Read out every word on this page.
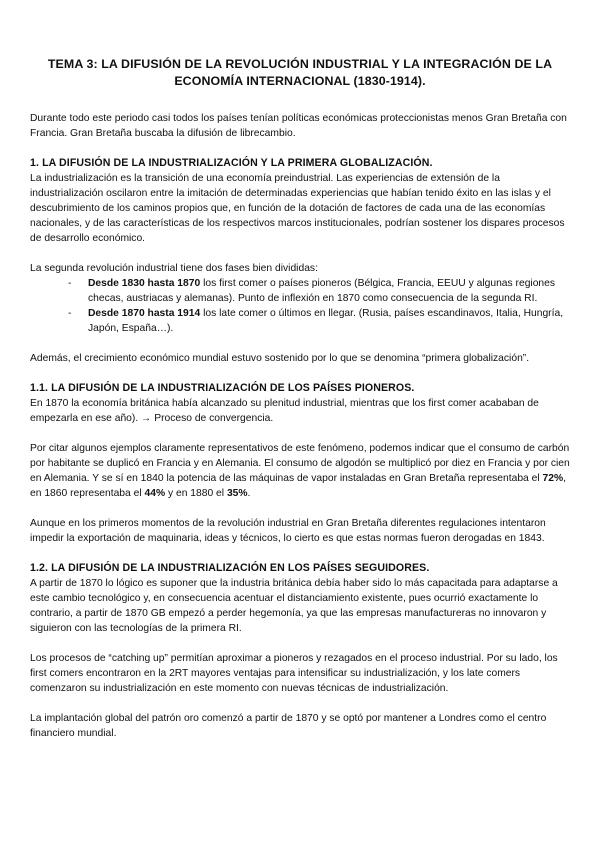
TEMA 3: LA DIFUSIÓN DE LA REVOLUCIÓN INDUSTRIAL Y LA INTEGRACIÓN DE LA
ECONOMÍA INTERNACIONAL (1830-1914).

Durante todo este periodo casi todos los países tenían políticas económicas proteccionistas menos Gran Bretaña con Francia. Gran Bretaña buscaba la difusión de librecambio.

1. LA DIFUSIÓN DE LA INDUSTRIALIZACIÓN Y LA PRIMERA GLOBALIZACIÓN.

La industrialización es la transición de una economía preindustrial. Las experiencias de extensión de la industrialización oscilaron entre la imitación de determinadas experiencias que habían tenido éxito en las islas y el descubrimiento de los caminos propios que, en función de la dotación de factores de cada una de las economías nacionales, y de las características de los respectivos marcos institucionales, podrían sostener los dispares procesos de desarrollo económico.

La segunda revolución industrial tiene dos fases bien divididas:

- Desde 1830 hasta 1870 los first comer o países pioneros (Bélgica, Francia, EEUU y algunas regiones checas, austriacas y alemanas). Punto de inflexión en 1870 como consecuencia de la segunda RI.
- Desde 1870 hasta 1914 los late comer o últimos en llegar. (Rusia, países escandinavos, Italia, Hungría, Japón, España…).

Además, el crecimiento económico mundial estuvo sostenido por lo que se denomina “primera globalización”.

1.1. LA DIFUSIÓN DE LA INDUSTRIALIZACIÓN DE LOS PAÍSES PIONEROS.

En 1870 la economía británica había alcanzado su plenitud industrial, mientras que los first comer acababan de empezarla en ese año). → Proceso de convergencia.

Por citar algunos ejemplos claramente representativos de este fenómeno, podemos indicar que el consumo de carbón por habitante se duplicó en Francia y en Alemania. El consumo de algodón se multiplicó por diez en Francia y por cien en Alemania. Y se sí en 1840 la potencia de las máquinas de vapor instaladas en Gran Bretaña representaba el 72%, en 1860 representaba el 44% y en 1880 el 35%.

Aunque en los primeros momentos de la revolución industrial en Gran Bretaña diferentes regulaciones intentaron impedir la exportación de maquinaria, ideas y técnicos, lo cierto es que estas normas fueron derogadas en 1843.

1.2. LA DIFUSIÓN DE LA INDUSTRIALIZACIÓN EN LOS PAÍSES SEGUIDORES.

A partir de 1870 lo lógico es suponer que la industria británica debía haber sido lo más capacitada para adaptarse a este cambio tecnológico y, en consecuencia acentuar el distanciamiento existente, pues ocurrió exactamente lo contrario, a partir de 1870 GB empezó a perder hegemonía, ya que las empresas manufactureras no innovaron y siguieron con las tecnologías de la primera RI.

Los procesos de “catching up” permitían aproximar a pioneros y rezagados en el proceso industrial. Por su lado, los first comers encontraron en la 2RT mayores ventajas para intensificar su industrialización, y los late comers comenzaron su industrialización en este momento con nuevas técnicas de industrialización.

La implantación global del patrón oro comenzó a partir de 1870 y se optó por mantener a Londres como el centro financiero mundial.
